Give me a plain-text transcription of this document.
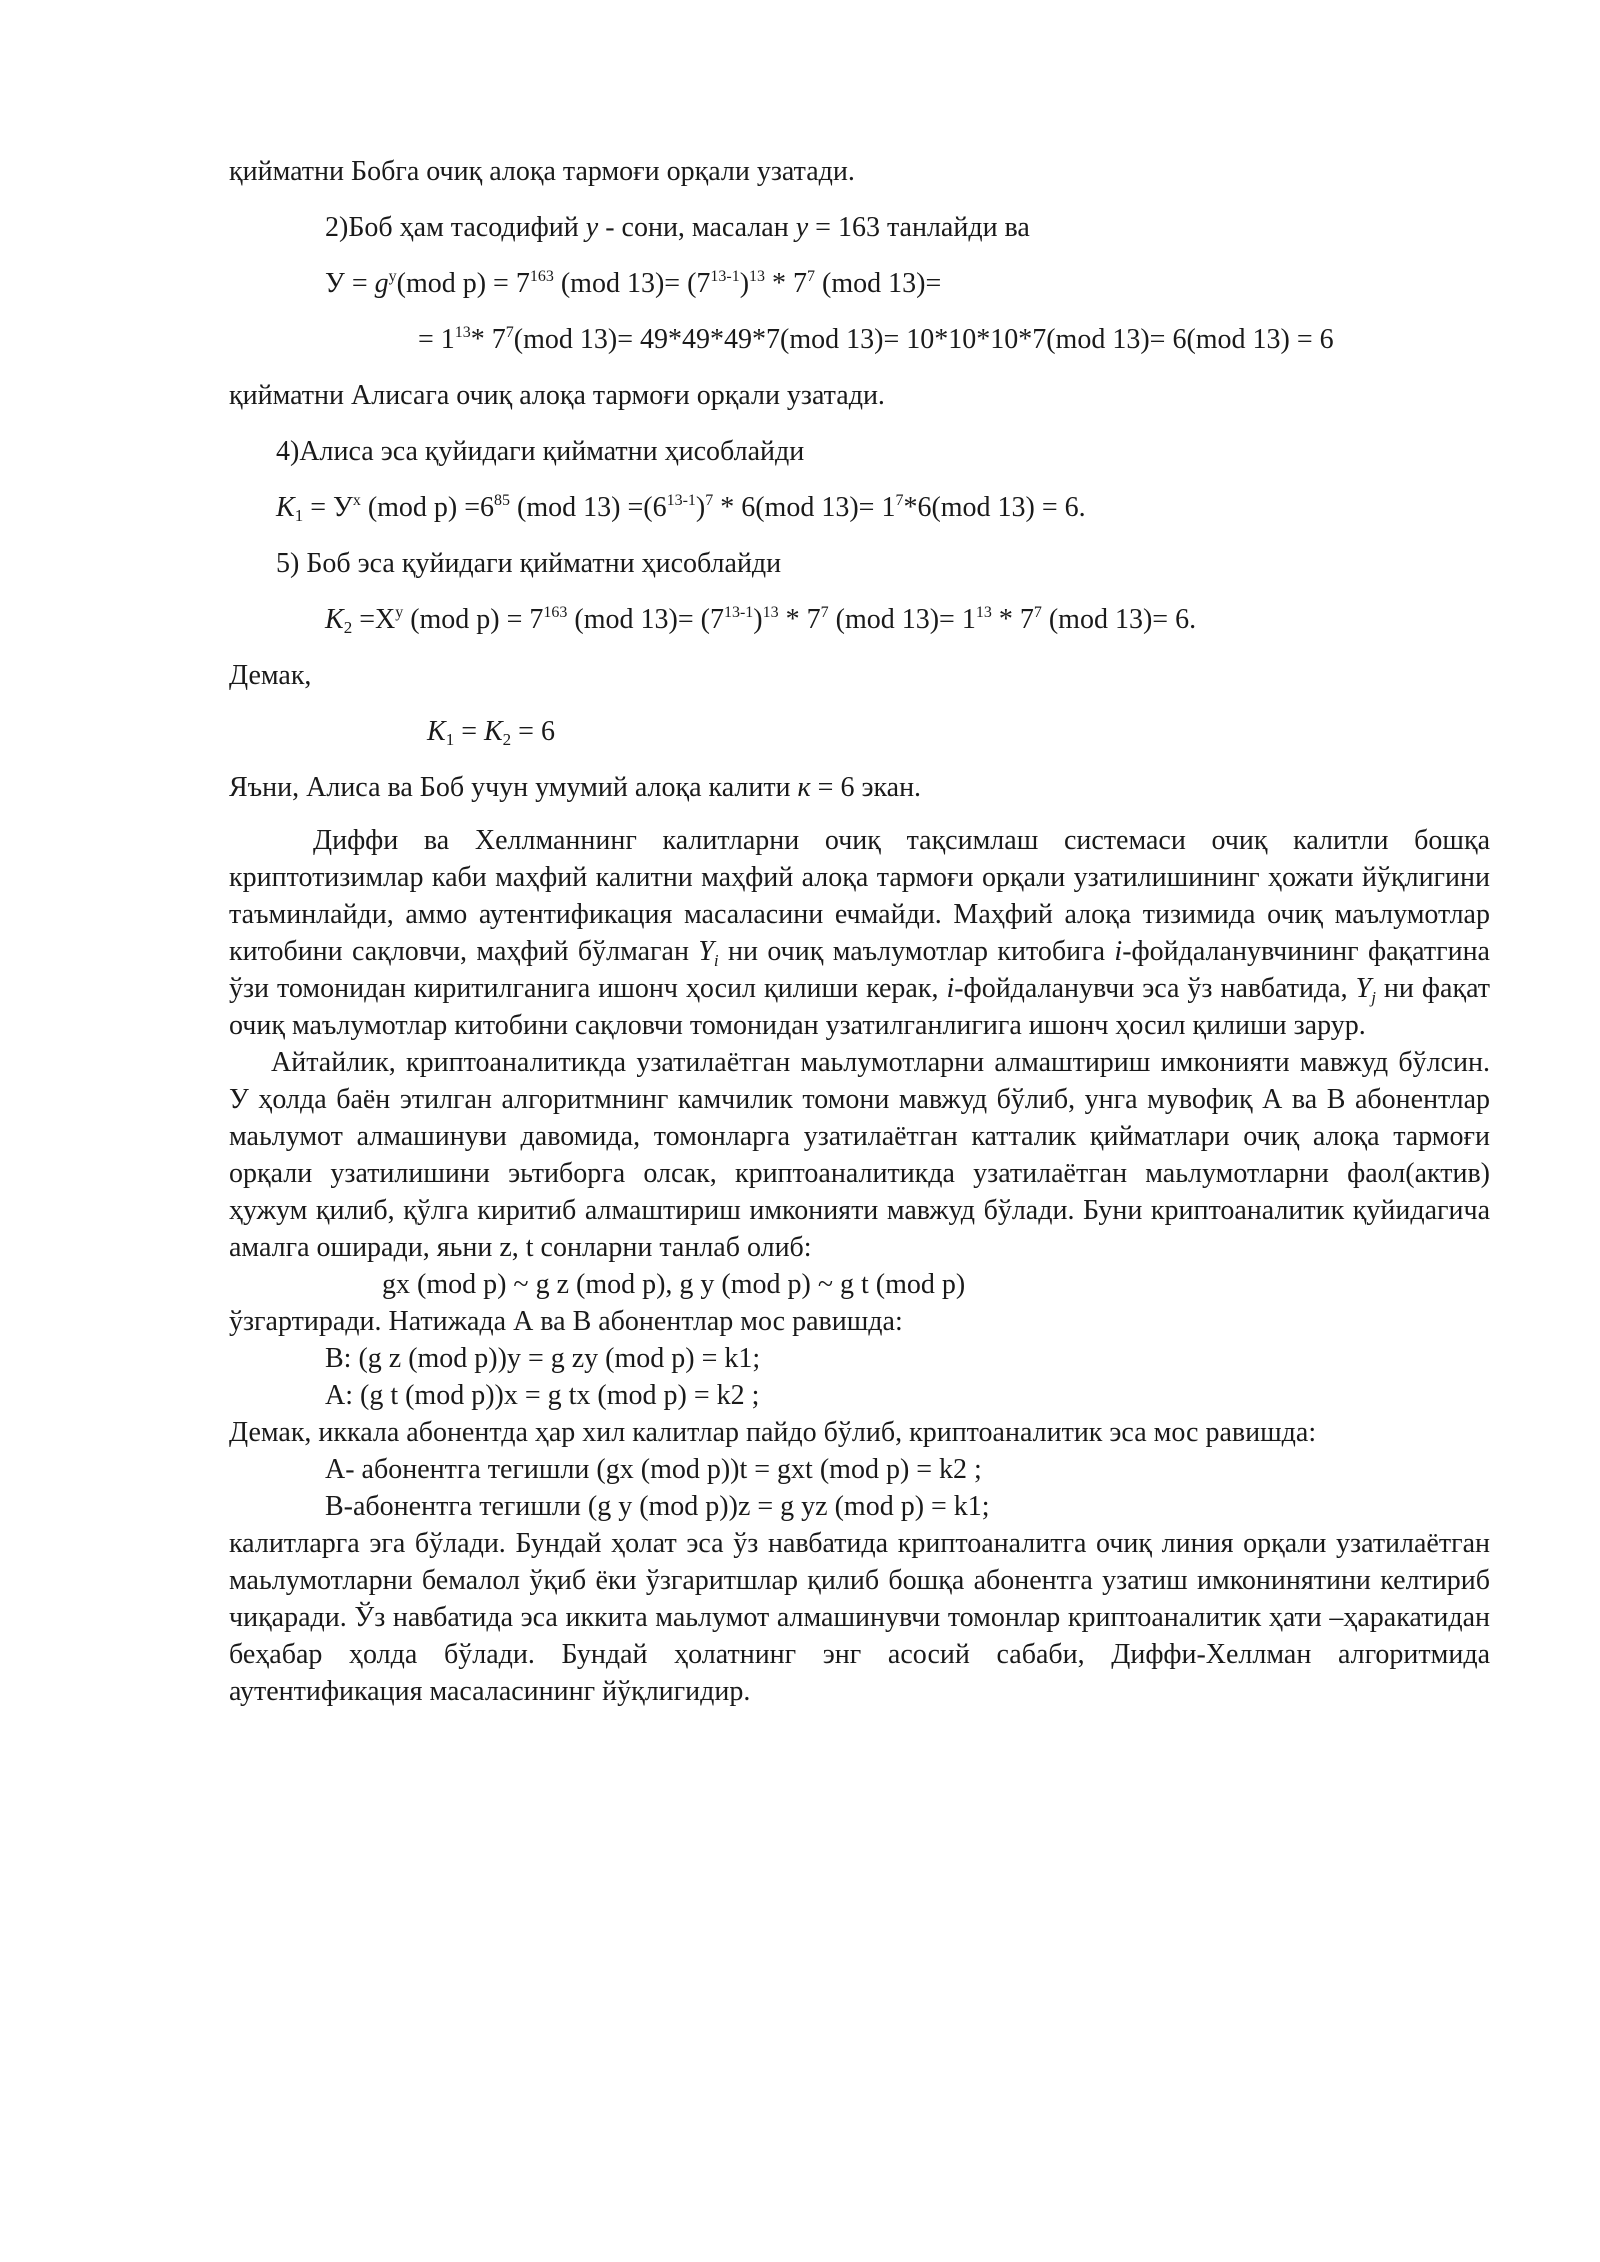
қийматни Бобга очиқ алоқа тармоғи орқали узатади.
2)Боб ҳам тасодифий y - сони, масалан y = 163 танлайди ва
$У = g^y(mod$ $p) = 7^{163}$ (mod $13)= (7^{13-1})^{13} * 7^7$ (mod 13)=
= $1^{13}*$ $7^7(mod$ 13)= 49*49*49*7(mod 13)= 10*10*10*7(mod 13)= 6(mod 13) = 6
қийматни Алисага очиқ алоқа тармоғи орқали узатади.
4)Алиса эса қуйидаги қийматни ҳисоблайди
$K1 = У^x$ (mod $p) =6^{85}$ (mod $13) =(6^{13-1})^7 * 6(mod$ $13)= 1^7*6(mod$ 13) = 6.
5) Боб эса қуйидаги қийматни ҳисоблайди
$K2 =X^y$ (mod $p) = 7^{163}$ (mod $13)= (7^{13-1})^{13} * 7^7$ (mod $13)= 1^{13} * 7^7$ (mod 13)= 6.
Демак,
K1 = K2 = 6
Яъни, Алиса ва Боб учун умумий алоқа калити к = 6 экан.
Диффи ва Хеллманнинг калитларни очиқ тақсимлаш системаси очиқ калитли бошқа криптотизимлар каби маҳфий калитни маҳфий алоқа тармоғи орқали узатилишининг ҳожати йўқлигини таъминлайди, аммо аутентификация масаласини ечмайди. Маҳфий алоқа тизимида очиқ маълумотлар китобини сақловчи, маҳфий бўлмаган $Y_i$ ни очиқ маълумотлар китобига i-фойдаланувчининг фақатгина ўзи томонидан киритилганига ишонч ҳосил қилиши керак, i-фойдаланувчи эса ўз навбатида, $Y_j$ ни фақат очиқ маълумотлар китобини сақловчи томонидан узатилганлигига ишонч ҳосил қилиши зарур.
Айтайлик, криптоаналитикда узатилаётган маьлумотларни алмаштириш имконияти мавжуд бўлсин. У ҳолда баён этилган алгоритмнинг камчилик томони мавжуд бўлиб, унга мувофиқ А ва В абонентлар маьлумот алмашинуви давомида, томонларга узатилаётган катталик қийматлари очиқ алоқа тармоғи орқали узатилишини эьтиборга олсак, криптоаналитикда узатилаётган маьлумотларни фаол(актив) ҳужум қилиб, қўлга киритиб алмаштириш имконияти мавжуд бўлади. Буни криптоаналитик қуйидагича амалга оширади, яьни z, t сонларни танлаб олиб:
gx (mod p) ~ g z (mod p), g y (mod p) ~ g t (mod p)
ўзгартиради. Натижада А ва В абонентлар мос равишда:
B: (g z (mod p))y = g zy (mod p) = k1;
A: (g t (mod p))x = g tx (mod p) = k2 ;
Демак, иккала абонентда ҳар хил калитлар пайдо бўлиб, криптоаналитик эса мос равишда:
А- абонентга тегишли (gx (mod p))t = gxt (mod p) = k2 ;
В-абонентга тегишли (g y (mod p))z = g yz (mod p) = k1;
калитларга эга бўлади. Бундай ҳолат эса ўз навбатида криптоаналитга очиқ линия орқали узатилаётган маьлумотларни бемалол ўқиб ёки ўзгаритшлар қилиб бошқа абонентга узатиш имконинятини келтириб чиқаради. Ўз навбатида эса иккита маьлумот алмашинувчи томонлар криптоаналитик ҳати –ҳаракатидан беҳабар ҳолда бўлади. Бундай ҳолатнинг энг асосий сабаби, Диффи-Хеллман алгоритмида аутентификация масаласининг йўқлигидир.
